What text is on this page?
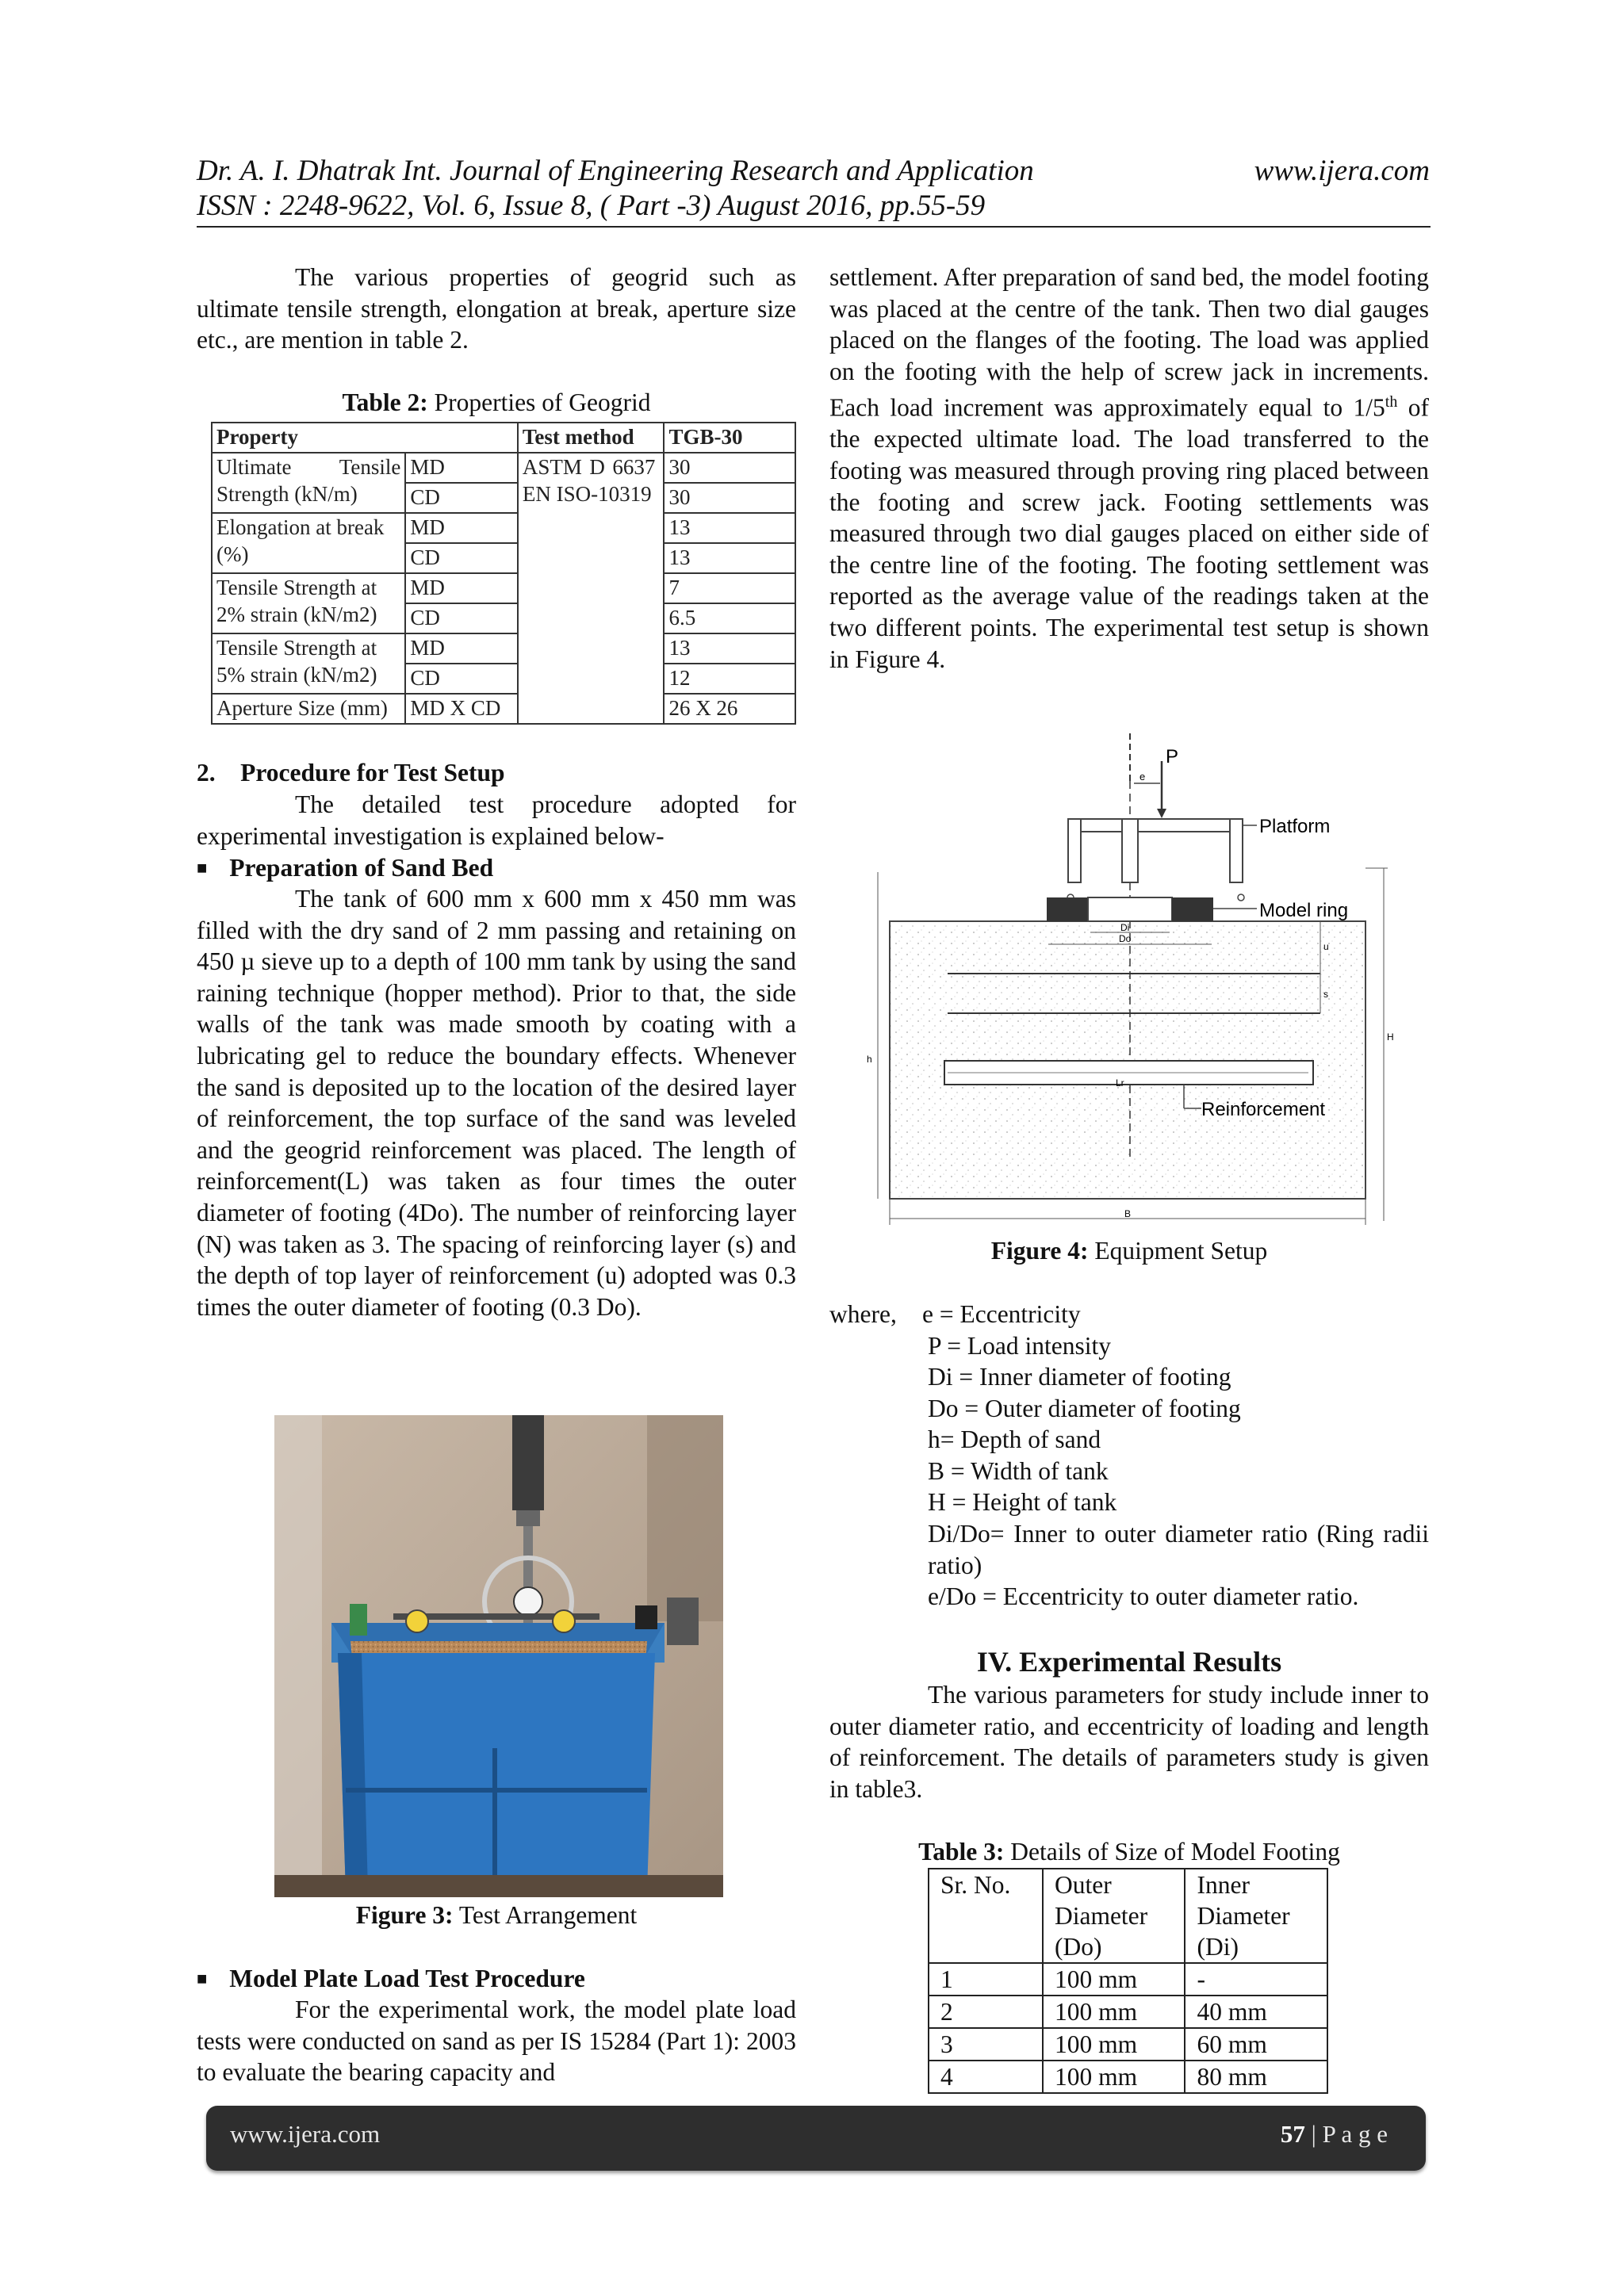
Dr. A. I. Dhatrak Int. Journal of Engineering Research and Application	www.ijera.com
ISSN : 2248-9622, Vol. 6, Issue 8, ( Part -3) August 2016, pp.55-59

The various properties of geogrid such as ultimate tensile strength, elongation at break, aperture size etc., are mention in table 2.

Table 2: Properties of Geogrid
Property		Test method	TGB-30
Ultimate Tensile Strength (kN/m)	MD	ASTM D 6637 EN ISO-10319	30
	CD		30
Elongation at break (%)	MD		13
	CD		13
Tensile Strength at 2% strain (kN/m2)	MD		7
	CD		6.5
Tensile Strength at 5% strain (kN/m2)	MD		13
	CD		12
Aperture Size (mm)	MD X CD		26 X 26
2. Procedure for Test Setup

The detailed test procedure adopted for experimental investigation is explained below-

■ Preparation of Sand Bed

The tank of 600 mm x 600 mm x 450 mm was filled with the dry sand of 2 mm passing and retaining on 450 µ sieve up to a depth of 100 mm tank by using the sand raining technique (hopper method). Prior to that, the side walls of the tank was made smooth by coating with a lubricating gel to reduce the boundary effects. Whenever the sand is deposited up to the location of the desired layer of reinforcement, the top surface of the sand was leveled and the geogrid reinforcement was placed. The length of reinforcement(L) was taken as four times the outer diameter of footing (4Do). The number of reinforcing layer (N) was taken as 3. The spacing of reinforcing layer (s) and the depth of top layer of reinforcement (u) adopted was 0.3 times the outer diameter of footing (0.3 Do).

Figure 3: Test Arrangement
■ Model Plate Load Test Procedure

For the experimental work, the model plate load tests were conducted on sand as per IS 15284 (Part 1): 2003 to evaluate the bearing capacity and

settlement. After preparation of sand bed, the model footing was placed at the centre of the tank. Then two dial gauges placed on the flanges of the footing. The load was applied on the footing with the help of screw jack in increments. Each load increment was approximately equal to 1/5th of the expected ultimate load. The load transferred to the footing was measured through proving ring placed between the footing and screw jack. Footing settlements was measured through two dial gauges placed on either side of the centre line of the footing. The footing settlement was reported as the average value of the readings taken at the two different points. The experimental test setup is shown in Figure 4.

P
e
Platform
Model ring
Di
Do
u
s
Lr
Reinforcement
h
H
B
Figure 4: Equipment Setup
where, e = Eccentricity
P = Load intensity
Di = Inner diameter of footing
Do = Outer diameter of footing
h= Depth of sand
B = Width of tank
H = Height of tank
Di/Do= Inner to outer diameter ratio (Ring radii ratio)
e/Do = Eccentricity to outer diameter ratio.
IV. Experimental Results

The various parameters for study include inner to outer diameter ratio, and eccentricity of loading and length of reinforcement. The details of parameters study is given in table3.

Table 3: Details of Size of Model Footing
Sr. No.	Outer Diameter (Do)	Inner Diameter (Di)
1	100 mm	-
2	100 mm	40 mm
3	100 mm	60 mm
4	100 mm	80 mm
www.ijera.com	57 | P a g e
